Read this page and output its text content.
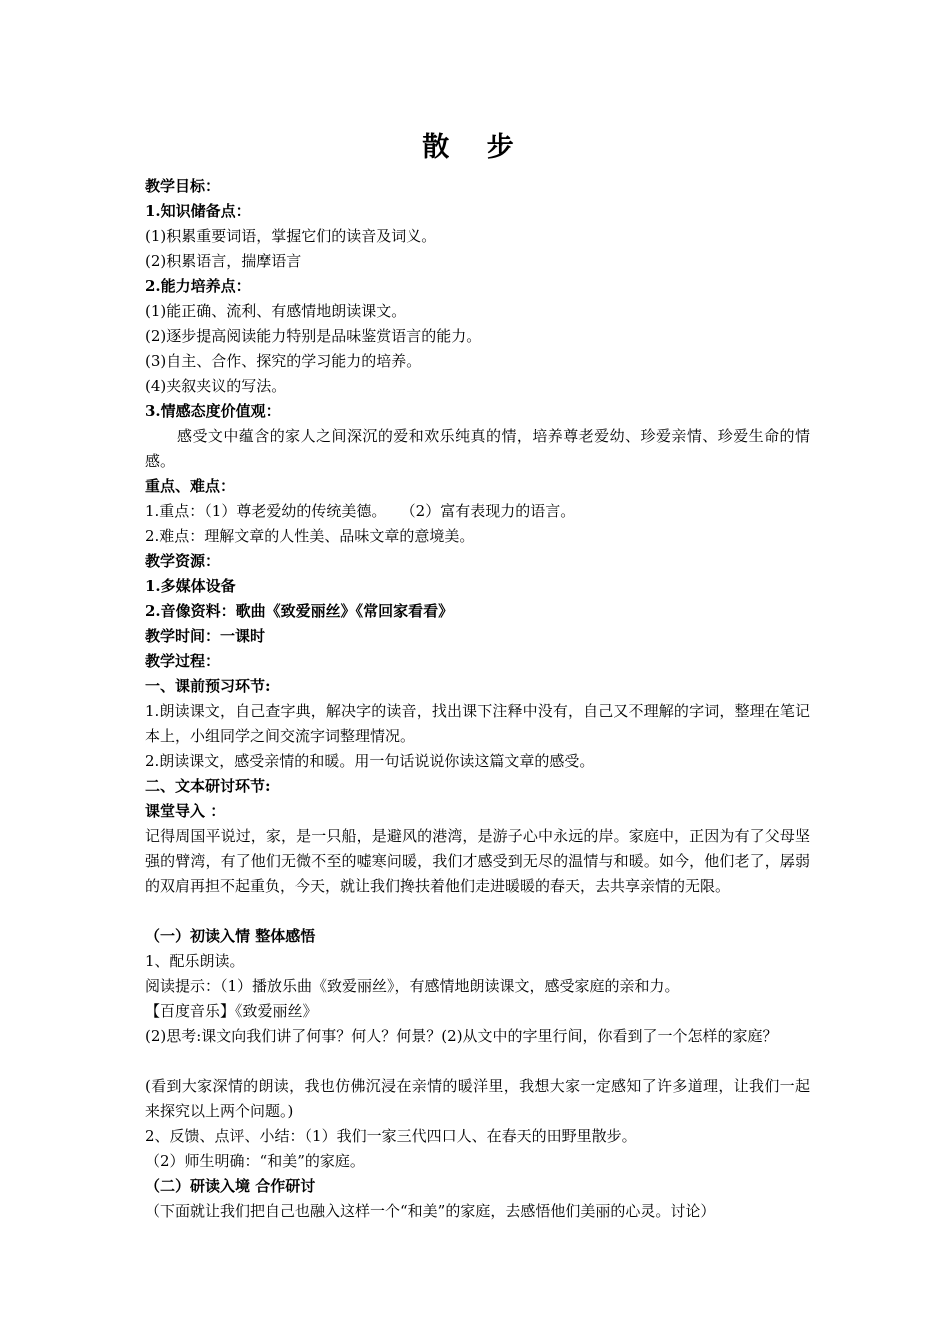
散 步

教学目标：

1.知识储备点：

(1)积累重要词语，掌握它们的读音及词义。

(2)积累语言，揣摩语言

2.能力培养点：

(1)能正确、流利、有感情地朗读课文。

(2)逐步提高阅读能力特别是品味鉴赏语言的能力。

(3)自主、合作、探究的学习能力的培养。

(4)夹叙夹议的写法。

3.情感态度价值观：

感受文中蕴含的家人之间深沉的爱和欢乐纯真的情，培养尊老爱幼、珍爱亲情、珍爱生命的情感。

重点、难点：

1.重点：（1）尊老爱幼的传统美德。   （2）富有表现力的语言。

2.难点：理解文章的人性美、品味文章的意境美。

教学资源：

1.多媒体设备

2.音像资料：歌曲《致爱丽丝》《常回家看看》

教学时间：一课时

教学过程：

一、课前预习环节:

1.朗读课文，自己查字典，解决字的读音，找出课下注释中没有，自己又不理解的字词，整理在笔记本上，小组同学之间交流字词整理情况。

2.朗读课文，感受亲情的和暖。用一句话说说你读这篇文章的感受。

二、文本研讨环节:

课堂导入 ：

记得周国平说过，家，是一只船，是避风的港湾，是游子心中永远的岸。家庭中，正因为有了父母坚强的臂湾，有了他们无微不至的嘘寒问暖，我们才感受到无尽的温情与和暖。如今，他们老了，孱弱的双肩再担不起重负，今天，就让我们搀扶着他们走进暖暖的春天，去共享亲情的无限。

（一）初读入情 整体感悟

1、配乐朗读。

阅读提示：（1）播放乐曲《致爱丽丝》，有感情地朗读课文，感受家庭的亲和力。

【百度音乐】《致爱丽丝》

(2)思考:课文向我们讲了何事？何人？何景？(2)从文中的字里行间，你看到了一个怎样的家庭？

(看到大家深情的朗读，我也仿佛沉浸在亲情的暖洋里，我想大家一定感知了许多道理，让我们一起来探究以上两个问题。)

2、反馈、点评、小结：（1）我们一家三代四口人、在春天的田野里散步。

（2）师生明确：“和美”的家庭。

（二）研读入境 合作研讨

（下面就让我们把自己也融入这样一个“和美”的家庭，去感悟他们美丽的心灵。讨论）
